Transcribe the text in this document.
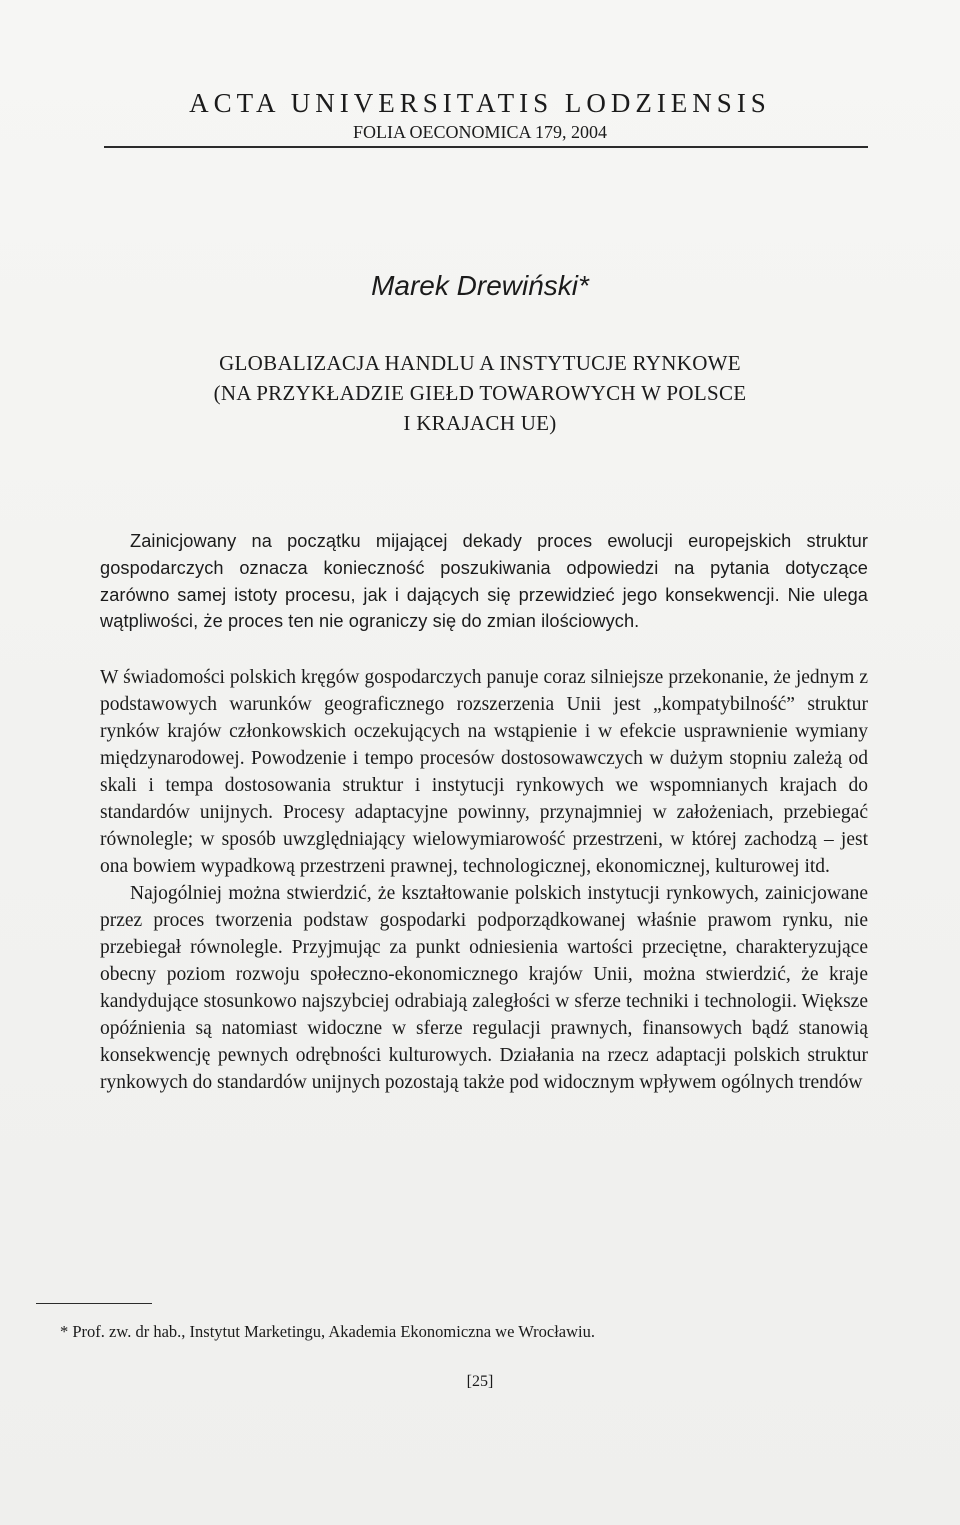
ACTA UNIVERSITATIS LODZIENSIS
FOLIA OECONOMICA 179, 2004
Marek Drewiński*
GLOBALIZACJA HANDLU A INSTYTUCJE RYNKOWE
(NA PRZYKŁADZIE GIEŁD TOWAROWYCH W POLSCE
I KRAJACH UE)
Zainicjowany na początku mijającej dekady proces ewolucji europejskich struktur gospodarczych oznacza konieczność poszukiwania odpowiedzi na pytania dotyczące zarówno samej istoty procesu, jak i dających się przewidzieć jego konsekwencji. Nie ulega wątpliwości, że proces ten nie ograniczy się do zmian ilościowych.

W świadomości polskich kręgów gospodarczych panuje coraz silniejsze przekonanie, że jednym z podstawowych warunków geograficznego rozszerzenia Unii jest „kompatybilność” struktur rynków krajów członkowskich oczekujących na wstąpienie i w efekcie usprawnienie wymiany międzynarodowej. Powodzenie i tempo procesów dostosowawczych w dużym stopniu zależą od skali i tempa dostosowania struktur i instytucji rynkowych we wspomnianych krajach do standardów unijnych. Procesy adaptacyjne powinny, przynajmniej w założeniach, przebiegać równolegle; w sposób uwzględniający wielowymiarowość przestrzeni, w której zachodzą – jest ona bowiem wypadkową przestrzeni prawnej, technologicznej, ekonomicznej, kulturowej itd.

Najogólniej można stwierdzić, że kształtowanie polskich instytucji rynkowych, zainicjowane przez proces tworzenia podstaw gospodarki podporządkowanej właśnie prawom rynku, nie przebiegał równolegle. Przyjmując za punkt odniesienia wartości przeciętne, charakteryzujące obecny poziom rozwoju społeczno-ekonomicznego krajów Unii, można stwierdzić, że kraje kandydujące stosunkowo najszybciej odrabiają zaległości w sferze techniki i technologii. Większe opóźnienia są natomiast widoczne w sferze regulacji prawnych, finansowych bądź stanowią konsekwencję pewnych odrębności kulturowych. Działania na rzecz adaptacji polskich struktur rynkowych do standardów unijnych pozostają także pod widocznym wpływem ogólnych trendów

* Prof. zw. dr hab., Instytut Marketingu, Akademia Ekonomiczna we Wrocławiu.
[25]
